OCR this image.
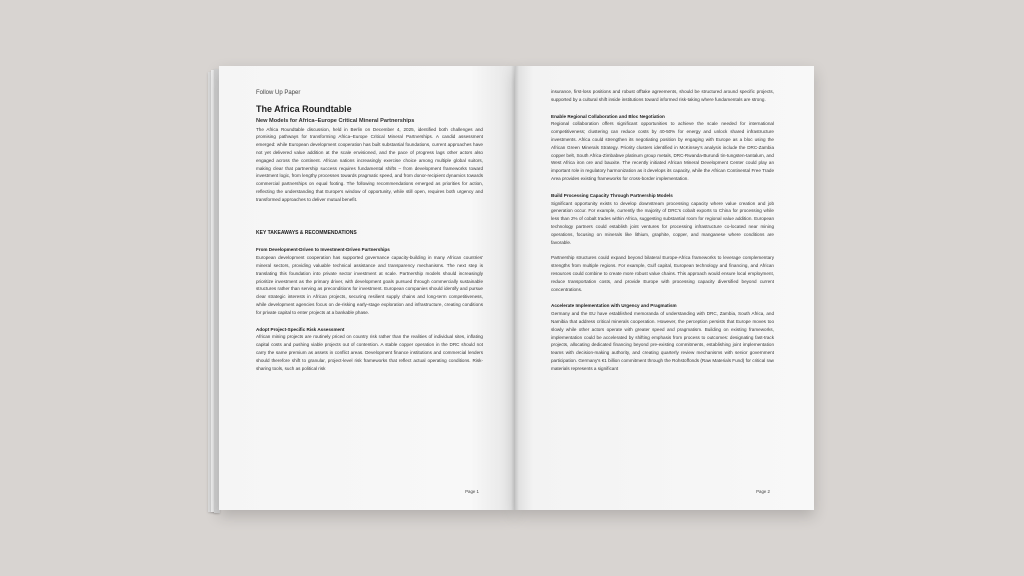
Follow Up Paper
The Africa Roundtable
New Models for Africa–Europe Critical Mineral Partnerships

The Africa Roundtable discussion, held in Berlin on December 4, 2025, identified both challenges and promising pathways for transforming Africa–Europe Critical Mineral Partnerships. A candid assessment emerged: while European development cooperation has built substantial foundations, current approaches have not yet delivered value addition at the scale envisioned, and the pace of progress lags other actors also engaged across the continent. African nations increasingly exercise choice among multiple global suitors, making clear that partnership success requires fundamental shifts – from development frameworks toward investment logic, from lengthy processes towards pragmatic speed, and from donor-recipient dynamics towards commercial partnerships on equal footing. The following recommendations emerged as priorities for action, reflecting the understanding that Europe's window of opportunity, while still open, requires both urgency and transformed approaches to deliver mutual benefit.

KEY TAKEAWAYS & RECOMMENDATIONS
From Development-Driven to Investment-Driven Partnerships

European development cooperation has supported governance capacity-building in many African countries' mineral sectors, providing valuable technical assistance and transparency mechanisms. The next step is translating this foundation into private sector investment at scale. Partnership models should increasingly prioritize investment as the primary driver, with development goals pursued through commercially sustainable structures rather than serving as preconditions for investment. European companies should identify and pursue clear strategic interests in African projects, securing resilient supply chains and long-term competitiveness, while development agencies focus on de-risking early-stage exploration and infrastructure, creating conditions for private capital to enter projects at a bankable phase.

Adopt Project-Specific Risk Assessment

African mining projects are routinely priced on country risk rather than the realities of individual sites, inflating capital costs and pushing viable projects out of contention. A stable copper operation in the DRC should not carry the same premium as assets in conflict areas. Development finance institutions and commercial lenders should therefore shift to granular, project-level risk frameworks that reflect actual operating conditions. Risk-sharing tools, such as political risk

Page 1

insurance, first-loss positions and robust offtake agreements, should be structured around specific projects, supported by a cultural shift inside institutions toward informed risk-taking where fundamentals are strong.

Enable Regional Collaboration and Bloc Negotiation

Regional collaboration offers significant opportunities to achieve the scale needed for international competitiveness; clustering can reduce costs by 40-50% for energy and unlock shared infrastructure investments. Africa could strengthen its negotiating position by engaging with Europe as a bloc using the African Green Minerals Strategy. Priority clusters identified in McKinsey's analysis include the DRC-Zambia copper belt, South Africa-Zimbabwe platinum group metals, DRC-Rwanda-Burundi tin-tungsten-tantalum, and West Africa iron ore and bauxite. The recently initiated African Mineral Development Center could play an important role in regulatory harmonization as it develops its capacity, while the African Continental Free Trade Area provides existing frameworks for cross-border implementation.

Build Processing Capacity Through Partnership Models

Significant opportunity exists to develop downstream processing capacity where value creation and job generation occur. For example, currently the majority of DRC's cobalt exports to China for processing while less than 2% of cobalt trades within Africa, suggesting substantial room for regional value addition. European technology partners could establish joint ventures for processing infrastructure co-located near mining operations, focusing on minerals like lithium, graphite, copper, and manganese where conditions are favorable.

Partnership structures could expand beyond bilateral Europe-Africa frameworks to leverage complementary strengths from multiple regions. For example, Gulf capital, European technology and financing, and African resources could combine to create more robust value chains. This approach would ensure local employment, reduce transportation costs, and provide Europe with processing capacity diversified beyond current concentrations.

Accelerate Implementation with Urgency and Pragmatism

Germany and the EU have established memoranda of understanding with DRC, Zambia, South Africa, and Namibia that address critical minerals cooperation. However, the perception persists that Europe moves too slowly while other actors operate with greater speed and pragmatism. Building on existing frameworks, implementation could be accelerated by shifting emphasis from process to outcomes: designating fast-track projects, allocating dedicated financing beyond pre-existing commitments, establishing joint implementation teams with decision-making authority, and creating quarterly review mechanisms with senior government participation. Germany's €1 billion commitment through the Rohstoffonds (Raw Materials Fund) for critical raw materials represents a significant

Page 2
